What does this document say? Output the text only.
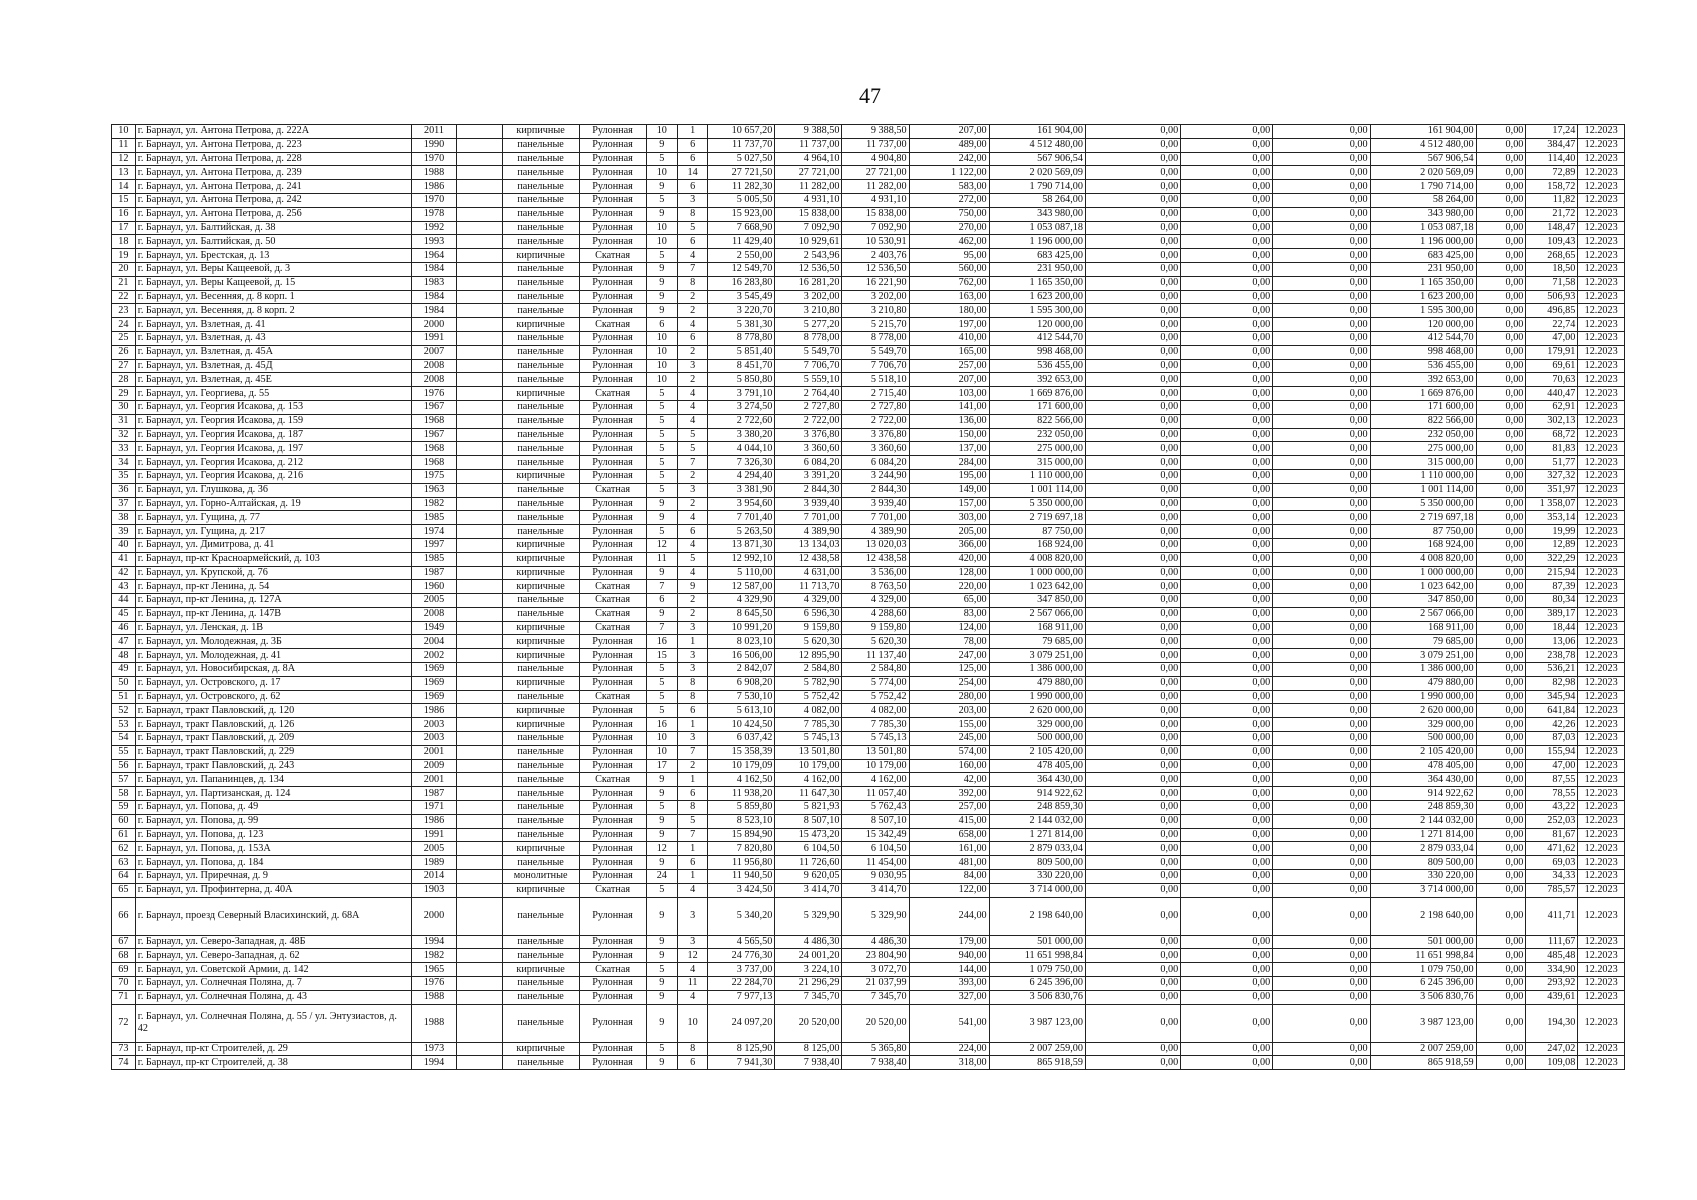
47
10	г. Барнаул, ул. Антона Петрова, д. 222А	2011		кирпичные	Рулонная	10	1	10 657,20	9 388,50	9 388,50	207,00	161 904,00	0,00	0,00	0,00	161 904,00	0,00	17,24	12.2023
11	г. Барнаул, ул. Антона Петрова, д. 223	1990		панельные	Рулонная	9	6	11 737,70	11 737,00	11 737,00	489,00	4 512 480,00	0,00	0,00	0,00	4 512 480,00	0,00	384,47	12.2023
12	г. Барнаул, ул. Антона Петрова, д. 228	1970		панельные	Рулонная	5	6	5 027,50	4 964,10	4 904,80	242,00	567 906,54	0,00	0,00	0,00	567 906,54	0,00	114,40	12.2023
13	г. Барнаул, ул. Антона Петрова, д. 239	1988		панельные	Рулонная	10	14	27 721,50	27 721,00	27 721,00	1 122,00	2 020 569,09	0,00	0,00	0,00	2 020 569,09	0,00	72,89	12.2023
14	г. Барнаул, ул. Антона Петрова, д. 241	1986		панельные	Рулонная	9	6	11 282,30	11 282,00	11 282,00	583,00	1 790 714,00	0,00	0,00	0,00	1 790 714,00	0,00	158,72	12.2023
15	г. Барнаул, ул. Антона Петрова, д. 242	1970		панельные	Рулонная	5	3	5 005,50	4 931,10	4 931,10	272,00	58 264,00	0,00	0,00	0,00	58 264,00	0,00	11,82	12.2023
16	г. Барнаул, ул. Антона Петрова, д. 256	1978		панельные	Рулонная	9	8	15 923,00	15 838,00	15 838,00	750,00	343 980,00	0,00	0,00	0,00	343 980,00	0,00	21,72	12.2023
17	г. Барнаул, ул. Балтийская, д. 38	1992		панельные	Рулонная	10	5	7 668,90	7 092,90	7 092,90	270,00	1 053 087,18	0,00	0,00	0,00	1 053 087,18	0,00	148,47	12.2023
18	г. Барнаул, ул. Балтийская, д. 50	1993		панельные	Рулонная	10	6	11 429,40	10 929,61	10 530,91	462,00	1 196 000,00	0,00	0,00	0,00	1 196 000,00	0,00	109,43	12.2023
19	г. Барнаул, ул. Брестская, д. 13	1964		кирпичные	Скатная	5	4	2 550,00	2 543,96	2 403,76	95,00	683 425,00	0,00	0,00	0,00	683 425,00	0,00	268,65	12.2023
20	г. Барнаул, ул. Веры Кащеевой, д. 3	1984		панельные	Рулонная	9	7	12 549,70	12 536,50	12 536,50	560,00	231 950,00	0,00	0,00	0,00	231 950,00	0,00	18,50	12.2023
21	г. Барнаул, ул. Веры Кащеевой, д. 15	1983		панельные	Рулонная	9	8	16 283,80	16 281,20	16 221,90	762,00	1 165 350,00	0,00	0,00	0,00	1 165 350,00	0,00	71,58	12.2023
22	г. Барнаул, ул. Весенняя, д. 8 корп. 1	1984		панельные	Рулонная	9	2	3 545,49	3 202,00	3 202,00	163,00	1 623 200,00	0,00	0,00	0,00	1 623 200,00	0,00	506,93	12.2023
23	г. Барнаул, ул. Весенняя, д. 8 корп. 2	1984		панельные	Рулонная	9	2	3 220,70	3 210,80	3 210,80	180,00	1 595 300,00	0,00	0,00	0,00	1 595 300,00	0,00	496,85	12.2023
24	г. Барнаул, ул. Взлетная, д. 41	2000		кирпичные	Скатная	6	4	5 381,30	5 277,20	5 215,70	197,00	120 000,00	0,00	0,00	0,00	120 000,00	0,00	22,74	12.2023
25	г. Барнаул, ул. Взлетная, д. 43	1991		панельные	Рулонная	10	6	8 778,80	8 778,00	8 778,00	410,00	412 544,70	0,00	0,00	0,00	412 544,70	0,00	47,00	12.2023
26	г. Барнаул, ул. Взлетная, д. 45А	2007		панельные	Рулонная	10	2	5 851,40	5 549,70	5 549,70	165,00	998 468,00	0,00	0,00	0,00	998 468,00	0,00	179,91	12.2023
27	г. Барнаул, ул. Взлетная, д. 45Д	2008		панельные	Рулонная	10	3	8 451,70	7 706,70	7 706,70	257,00	536 455,00	0,00	0,00	0,00	536 455,00	0,00	69,61	12.2023
28	г. Барнаул, ул. Взлетная, д. 45Е	2008		панельные	Рулонная	10	2	5 850,80	5 559,10	5 518,10	207,00	392 653,00	0,00	0,00	0,00	392 653,00	0,00	70,63	12.2023
29	г. Барнаул, ул. Георгиева, д. 55	1976		кирпичные	Скатная	5	4	3 791,10	2 764,40	2 715,40	103,00	1 669 876,00	0,00	0,00	0,00	1 669 876,00	0,00	440,47	12.2023
30	г. Барнаул, ул. Георгия Исакова, д. 153	1967		панельные	Рулонная	5	4	3 274,50	2 727,80	2 727,80	141,00	171 600,00	0,00	0,00	0,00	171 600,00	0,00	62,91	12.2023
31	г. Барнаул, ул. Георгия Исакова, д. 159	1968		панельные	Рулонная	5	4	2 722,60	2 722,00	2 722,00	136,00	822 566,00	0,00	0,00	0,00	822 566,00	0,00	302,13	12.2023
32	г. Барнаул, ул. Георгия Исакова, д. 187	1967		панельные	Рулонная	5	5	3 380,20	3 376,80	3 376,80	150,00	232 050,00	0,00	0,00	0,00	232 050,00	0,00	68,72	12.2023
33	г. Барнаул, ул. Георгия Исакова, д. 197	1968		панельные	Рулонная	5	5	4 044,10	3 360,60	3 360,60	137,00	275 000,00	0,00	0,00	0,00	275 000,00	0,00	81,83	12.2023
34	г. Барнаул, ул. Георгия Исакова, д. 212	1968		панельные	Рулонная	5	7	7 326,30	6 084,20	6 084,20	284,00	315 000,00	0,00	0,00	0,00	315 000,00	0,00	51,77	12.2023
35	г. Барнаул, ул. Георгия Исакова, д. 216	1975		кирпичные	Рулонная	5	2	4 294,40	3 391,20	3 244,90	195,00	1 110 000,00	0,00	0,00	0,00	1 110 000,00	0,00	327,32	12.2023
36	г. Барнаул, ул. Глушкова, д. 36	1963		панельные	Скатная	5	3	3 381,90	2 844,30	2 844,30	149,00	1 001 114,00	0,00	0,00	0,00	1 001 114,00	0,00	351,97	12.2023
37	г. Барнаул, ул. Горно-Алтайская, д. 19	1982		панельные	Рулонная	9	2	3 954,60	3 939,40	3 939,40	157,00	5 350 000,00	0,00	0,00	0,00	5 350 000,00	0,00	1 358,07	12.2023
38	г. Барнаул, ул. Гущина, д. 77	1985		панельные	Рулонная	9	4	7 701,40	7 701,00	7 701,00	303,00	2 719 697,18	0,00	0,00	0,00	2 719 697,18	0,00	353,14	12.2023
39	г. Барнаул, ул. Гущина, д. 217	1974		панельные	Рулонная	5	6	5 263,50	4 389,90	4 389,90	205,00	87 750,00	0,00	0,00	0,00	87 750,00	0,00	19,99	12.2023
40	г. Барнаул, ул. Димитрова, д. 41	1997		кирпичные	Рулонная	12	4	13 871,30	13 134,03	13 020,03	366,00	168 924,00	0,00	0,00	0,00	168 924,00	0,00	12,89	12.2023
41	г. Барнаул, пр-кт Красноармейский, д. 103	1985		кирпичные	Рулонная	11	5	12 992,10	12 438,58	12 438,58	420,00	4 008 820,00	0,00	0,00	0,00	4 008 820,00	0,00	322,29	12.2023
42	г. Барнаул, ул. Крупской, д. 76	1987		кирпичные	Рулонная	9	4	5 110,00	4 631,00	3 536,00	128,00	1 000 000,00	0,00	0,00	0,00	1 000 000,00	0,00	215,94	12.2023
43	г. Барнаул, пр-кт Ленина, д. 54	1960		кирпичные	Скатная	7	9	12 587,00	11 713,70	8 763,50	220,00	1 023 642,00	0,00	0,00	0,00	1 023 642,00	0,00	87,39	12.2023
44	г. Барнаул, пр-кт Ленина, д. 127А	2005		панельные	Скатная	6	2	4 329,90	4 329,00	4 329,00	65,00	347 850,00	0,00	0,00	0,00	347 850,00	0,00	80,34	12.2023
45	г. Барнаул, пр-кт Ленина, д. 147В	2008		панельные	Скатная	9	2	8 645,50	6 596,30	4 288,60	83,00	2 567 066,00	0,00	0,00	0,00	2 567 066,00	0,00	389,17	12.2023
46	г. Барнаул, ул. Ленская, д. 1В	1949		кирпичные	Скатная	7	3	10 991,20	9 159,80	9 159,80	124,00	168 911,00	0,00	0,00	0,00	168 911,00	0,00	18,44	12.2023
47	г. Барнаул, ул. Молодежная, д. 3Б	2004		кирпичные	Рулонная	16	1	8 023,10	5 620,30	5 620,30	78,00	79 685,00	0,00	0,00	0,00	79 685,00	0,00	13,06	12.2023
48	г. Барнаул, ул. Молодежная, д. 41	2002		кирпичные	Рулонная	15	3	16 506,00	12 895,90	11 137,40	247,00	3 079 251,00	0,00	0,00	0,00	3 079 251,00	0,00	238,78	12.2023
49	г. Барнаул, ул. Новосибирская, д. 8А	1969		панельные	Рулонная	5	3	2 842,07	2 584,80	2 584,80	125,00	1 386 000,00	0,00	0,00	0,00	1 386 000,00	0,00	536,21	12.2023
50	г. Барнаул, ул. Островского, д. 17	1969		кирпичные	Рулонная	5	8	6 908,20	5 782,90	5 774,00	254,00	479 880,00	0,00	0,00	0,00	479 880,00	0,00	82,98	12.2023
51	г. Барнаул, ул. Островского, д. 62	1969		панельные	Скатная	5	8	7 530,10	5 752,42	5 752,42	280,00	1 990 000,00	0,00	0,00	0,00	1 990 000,00	0,00	345,94	12.2023
52	г. Барнаул, тракт Павловский, д. 120	1986		кирпичные	Рулонная	5	6	5 613,10	4 082,00	4 082,00	203,00	2 620 000,00	0,00	0,00	0,00	2 620 000,00	0,00	641,84	12.2023
53	г. Барнаул, тракт Павловский, д. 126	2003		кирпичные	Рулонная	16	1	10 424,50	7 785,30	7 785,30	155,00	329 000,00	0,00	0,00	0,00	329 000,00	0,00	42,26	12.2023
54	г. Барнаул, тракт Павловский, д. 209	2003		панельные	Рулонная	10	3	6 037,42	5 745,13	5 745,13	245,00	500 000,00	0,00	0,00	0,00	500 000,00	0,00	87,03	12.2023
55	г. Барнаул, тракт Павловский, д. 229	2001		панельные	Рулонная	10	7	15 358,39	13 501,80	13 501,80	574,00	2 105 420,00	0,00	0,00	0,00	2 105 420,00	0,00	155,94	12.2023
56	г. Барнаул, тракт Павловский, д. 243	2009		панельные	Рулонная	17	2	10 179,09	10 179,00	10 179,00	160,00	478 405,00	0,00	0,00	0,00	478 405,00	0,00	47,00	12.2023
57	г. Барнаул, ул. Папанинцев, д. 134	2001		панельные	Скатная	9	1	4 162,50	4 162,00	4 162,00	42,00	364 430,00	0,00	0,00	0,00	364 430,00	0,00	87,55	12.2023
58	г. Барнаул, ул. Партизанская, д. 124	1987		панельные	Рулонная	9	6	11 938,20	11 647,30	11 057,40	392,00	914 922,62	0,00	0,00	0,00	914 922,62	0,00	78,55	12.2023
59	г. Барнаул, ул. Попова, д. 49	1971		панельные	Рулонная	5	8	5 859,80	5 821,93	5 762,43	257,00	248 859,30	0,00	0,00	0,00	248 859,30	0,00	43,22	12.2023
60	г. Барнаул, ул. Попова, д. 99	1986		панельные	Рулонная	9	5	8 523,10	8 507,10	8 507,10	415,00	2 144 032,00	0,00	0,00	0,00	2 144 032,00	0,00	252,03	12.2023
61	г. Барнаул, ул. Попова, д. 123	1991		панельные	Рулонная	9	7	15 894,90	15 473,20	15 342,49	658,00	1 271 814,00	0,00	0,00	0,00	1 271 814,00	0,00	81,67	12.2023
62	г. Барнаул, ул. Попова, д. 153А	2005		кирпичные	Рулонная	12	1	7 820,80	6 104,50	6 104,50	161,00	2 879 033,04	0,00	0,00	0,00	2 879 033,04	0,00	471,62	12.2023
63	г. Барнаул, ул. Попова, д. 184	1989		панельные	Рулонная	9	6	11 956,80	11 726,60	11 454,00	481,00	809 500,00	0,00	0,00	0,00	809 500,00	0,00	69,03	12.2023
64	г. Барнаул, ул. Приречная, д. 9	2014		монолитные	Рулонная	24	1	11 940,50	9 620,05	9 030,95	84,00	330 220,00	0,00	0,00	0,00	330 220,00	0,00	34,33	12.2023
65	г. Барнаул, ул. Профинтерна, д. 40А	1903		кирпичные	Скатная	5	4	3 424,50	3 414,70	3 414,70	122,00	3 714 000,00	0,00	0,00	0,00	3 714 000,00	0,00	785,57	12.2023
66	г. Барнаул, проезд Северный Власихинский, д. 68А	2000		панельные	Рулонная	9	3	5 340,20	5 329,90	5 329,90	244,00	2 198 640,00	0,00	0,00	0,00	2 198 640,00	0,00	411,71	12.2023
67	г. Барнаул, ул. Северо-Западная, д. 48Б	1994		панельные	Рулонная	9	3	4 565,50	4 486,30	4 486,30	179,00	501 000,00	0,00	0,00	0,00	501 000,00	0,00	111,67	12.2023
68	г. Барнаул, ул. Северо-Западная, д. 62	1982		панельные	Рулонная	9	12	24 776,30	24 001,20	23 804,90	940,00	11 651 998,84	0,00	0,00	0,00	11 651 998,84	0,00	485,48	12.2023
69	г. Барнаул, ул. Советской Армии, д. 142	1965		кирпичные	Скатная	5	4	3 737,00	3 224,10	3 072,70	144,00	1 079 750,00	0,00	0,00	0,00	1 079 750,00	0,00	334,90	12.2023
70	г. Барнаул, ул. Солнечная Поляна, д. 7	1976		панельные	Рулонная	9	11	22 284,70	21 296,29	21 037,99	393,00	6 245 396,00	0,00	0,00	0,00	6 245 396,00	0,00	293,92	12.2023
71	г. Барнаул, ул. Солнечная Поляна, д. 43	1988		панельные	Рулонная	9	4	7 977,13	7 345,70	7 345,70	327,00	3 506 830,76	0,00	0,00	0,00	3 506 830,76	0,00	439,61	12.2023
72	г. Барнаул, ул. Солнечная Поляна, д. 55 / ул. Энтузиастов, д. 42	1988		панельные	Рулонная	9	10	24 097,20	20 520,00	20 520,00	541,00	3 987 123,00	0,00	0,00	0,00	3 987 123,00	0,00	194,30	12.2023
73	г. Барнаул, пр-кт Строителей, д. 29	1973		кирпичные	Рулонная	5	8	8 125,90	8 125,00	5 365,80	224,00	2 007 259,00	0,00	0,00	0,00	2 007 259,00	0,00	247,02	12.2023
74	г. Барнаул, пр-кт Строителей, д. 38	1994		панельные	Рулонная	9	6	7 941,30	7 938,40	7 938,40	318,00	865 918,59	0,00	0,00	0,00	865 918,59	0,00	109,08	12.2023
